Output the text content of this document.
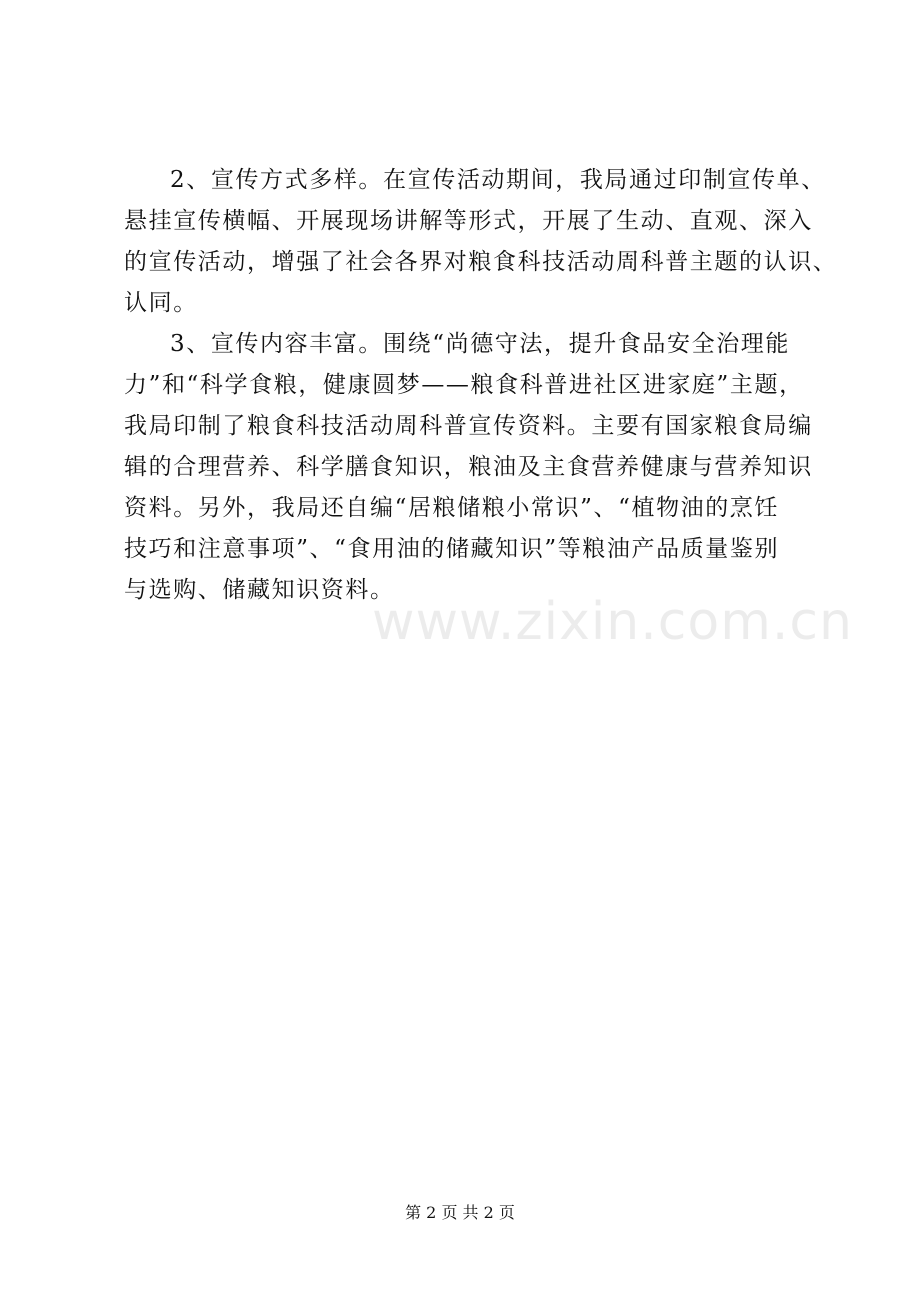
2、宣传方式多样。在宣传活动期间，我局通过印制宣传单、
悬挂宣传横幅、开展现场讲解等形式，开展了生动、直观、深入
的宣传活动，增强了社会各界对粮食科技活动周科普主题的认识、
认同。
3、宣传内容丰富。围绕“尚德守法，提升食品安全治理能
力”和“科学食粮，健康圆梦——粮食科普进社区进家庭”主题，
我局印制了粮食科技活动周科普宣传资料。主要有国家粮食局编
辑的合理营养、科学膳食知识，粮油及主食营养健康与营养知识
资料。另外，我局还自编“居粮储粮小常识”、“植物油的烹饪
技巧和注意事项”、“食用油的储藏知识”等粮油产品质量鉴别
与选购、储藏知识资料。
www.zixin.com.cn
第 2 页 共 2 页
